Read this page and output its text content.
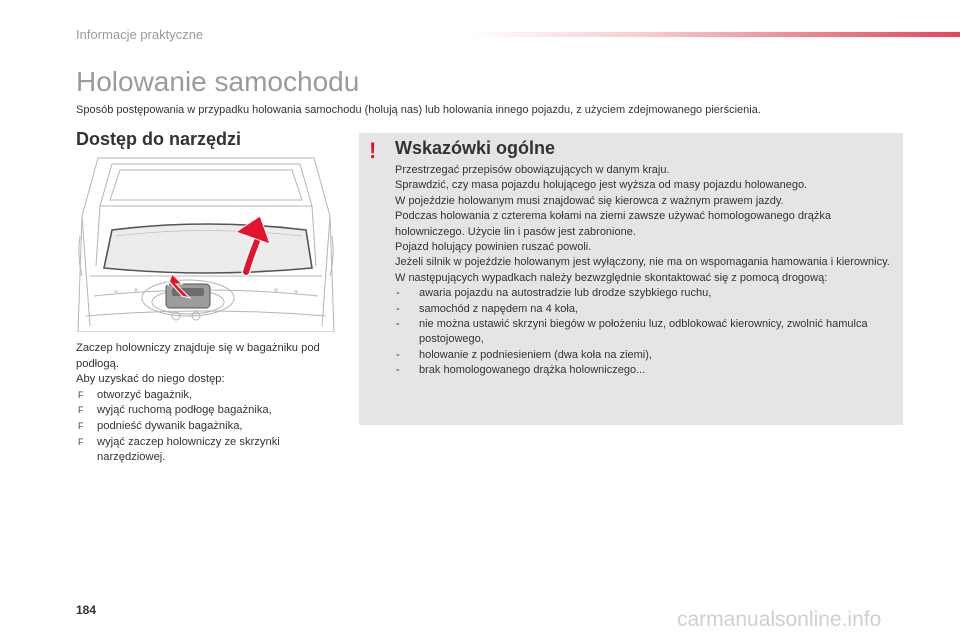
Informacje praktyczne
Holowanie samochodu
Sposób postępowania w przypadku holowania samochodu (holują nas) lub holowania innego pojazdu, z użyciem zdejmowanego pierścienia.
Dostęp do narzędzi

Zaczep holowniczy znajduje się w bagażniku pod podłogą.

Aby uzyskać do niego dostęp:

F otworzyć bagażnik,
F wyjąć ruchomą podłogę bagażnika,
F podnieść dywanik bagażnika,
F wyjąć zaczep holowniczy ze skrzynki narzędziowej.
! Wskazówki ogólne

Przestrzegać przepisów obowiązujących w danym kraju.

Sprawdzić, czy masa pojazdu holującego jest wyższa od masy pojazdu holowanego.

W pojeździe holowanym musi znajdować się kierowca z ważnym prawem jazdy.

Podczas holowania z czterema kołami na ziemi zawsze używać homologowanego drążka holowniczego. Użycie lin i pasów jest zabronione.

Pojazd holujący powinien ruszać powoli.

Jeżeli silnik w pojeździe holowanym jest wyłączony, nie ma on wspomagania hamowania i kierownicy.

W następujących wypadkach należy bezwzględnie skontaktować się z pomocą drogową:

- awaria pojazdu na autostradzie lub drodze szybkiego ruchu,
- samochód z napędem na 4 koła,
- nie można ustawić skrzyni biegów w położeniu luz, odblokować kierownicy, zwolnić hamulca postojowego,
- holowanie z podniesieniem (dwa koła na ziemi),
- brak homologowanego drążka holowniczego...
184	carmanualsonline.info
